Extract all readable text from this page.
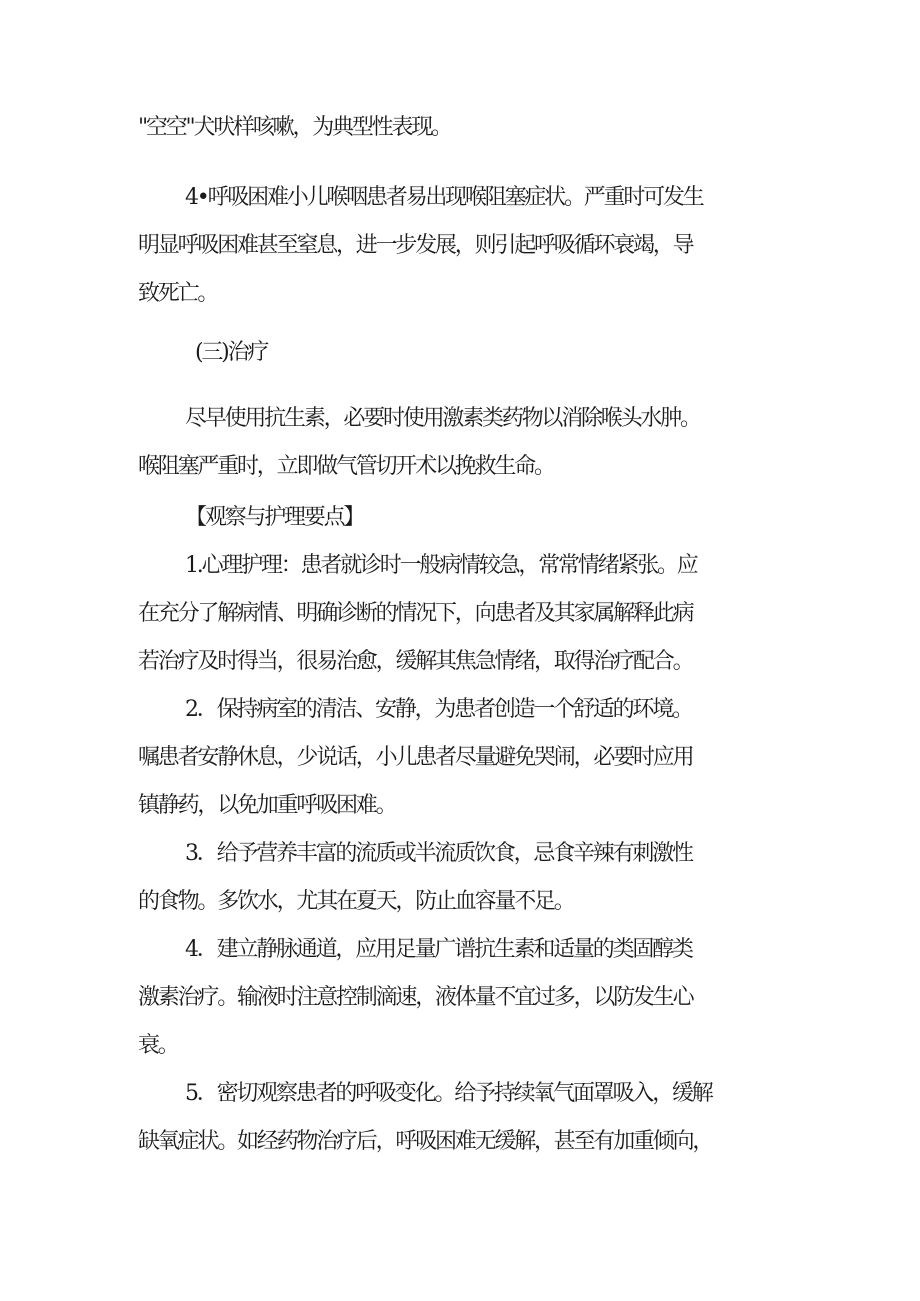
"空空"犬吠样咳嗽，为典型性表现。
4•呼吸困难小儿喉咽患者易出现喉阻塞症状。严重时可发生
明显呼吸困难甚至窒息，进一步发展，则引起呼吸循环衰竭，导
致死亡。
(三)治疗
尽早使用抗生素，必要时使用激素类药物以消除喉头水肿。
喉阻塞严重时，立即做气管切开术以挽救生命。
【观察与护理要点】
1.心理护理：患者就诊时一般病情较急，常常情绪紧张。应
在充分了解病情、明确诊断的情况下，向患者及其家属解释此病
若治疗及时得当，很易治愈，缓解其焦急情绪，取得治疗配合。
2．保持病室的清洁、安静，为患者创造一个舒适的环境。
嘱患者安静休息，少说话，小儿患者尽量避免哭闹，必要时应用
镇静药，以免加重呼吸困难。
3．给予营养丰富的流质或半流质饮食，忌食辛辣有刺激性
的食物。多饮水，尤其在夏天，防止血容量不足。
4．建立静脉通道，应用足量广谱抗生素和适量的类固醇类
激素治疗。输液时注意控制滴速，液体量不宜过多，以防发生心
衰。
5．密切观察患者的呼吸变化。给予持续氧气面罩吸入，缓解
缺氧症状。如经药物治疗后，呼吸困难无缓解，甚至有加重倾向，
